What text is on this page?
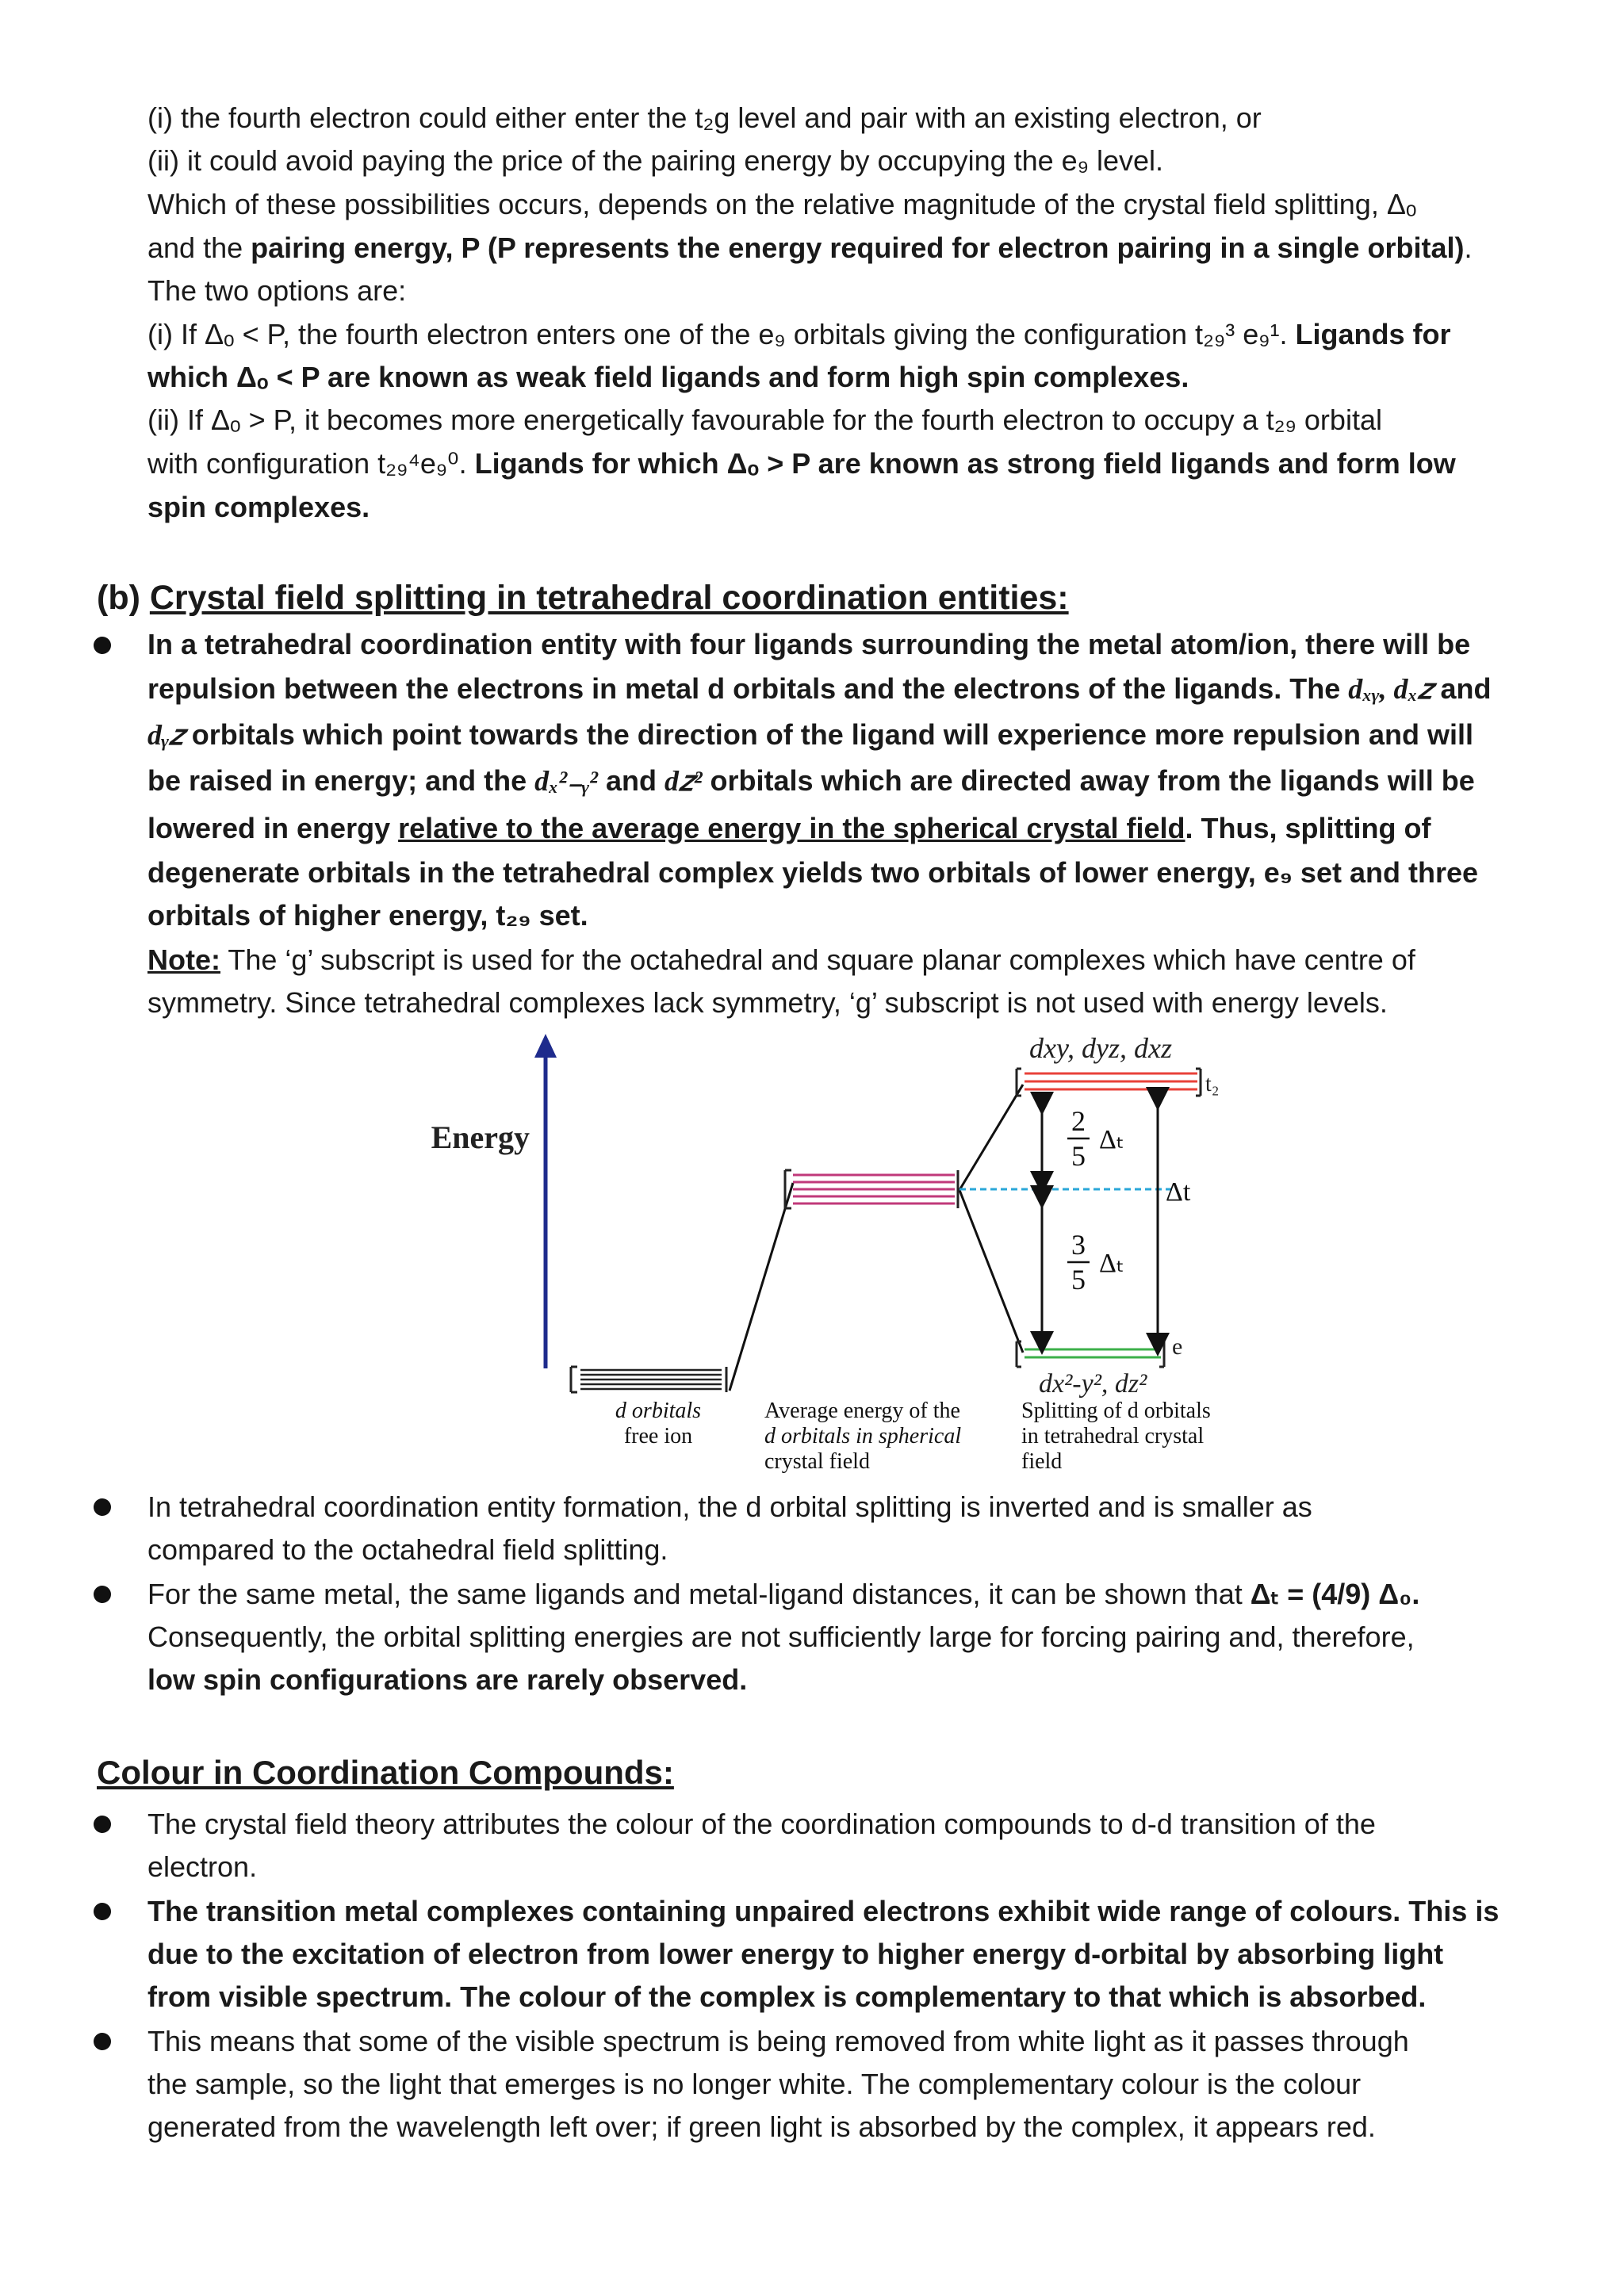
(i) the fourth electron could either enter the t₂g level and pair with an existing electron, or
(ii) it could avoid paying the price of the pairing energy by occupying the e₉ level.
Which of these possibilities occurs, depends on the relative magnitude of the crystal field splitting, Δₒ
and the pairing energy, P (P represents the energy required for electron pairing in a single orbital).
The two options are:
(i) If Δₒ < P, the fourth electron enters one of the e₉ orbitals giving the configuration t₂₉³ e₉¹. Ligands for
which Δₒ < P are known as weak field ligands and form high spin complexes.
(ii) If Δₒ > P, it becomes more energetically favourable for the fourth electron to occupy a t₂₉ orbital
with configuration t₂₉⁴e₉⁰. Ligands for which Δₒ > P are known as strong field ligands and form low
spin complexes.
(b) Crystal field splitting in tetrahedral coordination entities:
In a tetrahedral coordination entity with four ligands surrounding the metal atom/ion, there will be
repulsion between the electrons in metal d orbitals and the electrons of the ligands. The dₓᵧ, dₓ𝑧 and
dᵧ𝑧 orbitals which point towards the direction of the ligand will experience more repulsion and will
be raised in energy; and the dₓ²₋ᵧ² and d𝑧² orbitals which are directed away from the ligands will be
lowered in energy relative to the average energy in the spherical crystal field. Thus, splitting of
degenerate orbitals in the tetrahedral complex yields two orbitals of lower energy, e₉ set and three
orbitals of higher energy, t₂₉ set.
Note: The ‘g’ subscript is used for the octahedral and square planar complexes which have centre of
symmetry. Since tetrahedral complexes lack symmetry, ‘g’ subscript is not used with energy levels.
Energy
t₂
dxy, dyz, dxz
e
dx²-y², dz²
2
5
Δₜ
3
5
Δₜ
Δt
d orbitals
free ion
Average energy of the
d orbitals in spherical
crystal field
Splitting of d orbitals
in tetrahedral crystal
field
In tetrahedral coordination entity formation, the d orbital splitting is inverted and is smaller as
compared to the octahedral field splitting.
For the same metal, the same ligands and metal-ligand distances, it can be shown that Δₜ = (4/9) Δ₀.
Consequently, the orbital splitting energies are not sufficiently large for forcing pairing and, therefore,
low spin configurations are rarely observed.
Colour in Coordination Compounds:
The crystal field theory attributes the colour of the coordination compounds to d-d transition of the
electron.
The transition metal complexes containing unpaired electrons exhibit wide range of colours. This is
due to the excitation of electron from lower energy to higher energy d-orbital by absorbing light
from visible spectrum. The colour of the complex is complementary to that which is absorbed.
This means that some of the visible spectrum is being removed from white light as it passes through
the sample, so the light that emerges is no longer white. The complementary colour is the colour
generated from the wavelength left over; if green light is absorbed by the complex, it appears red.
